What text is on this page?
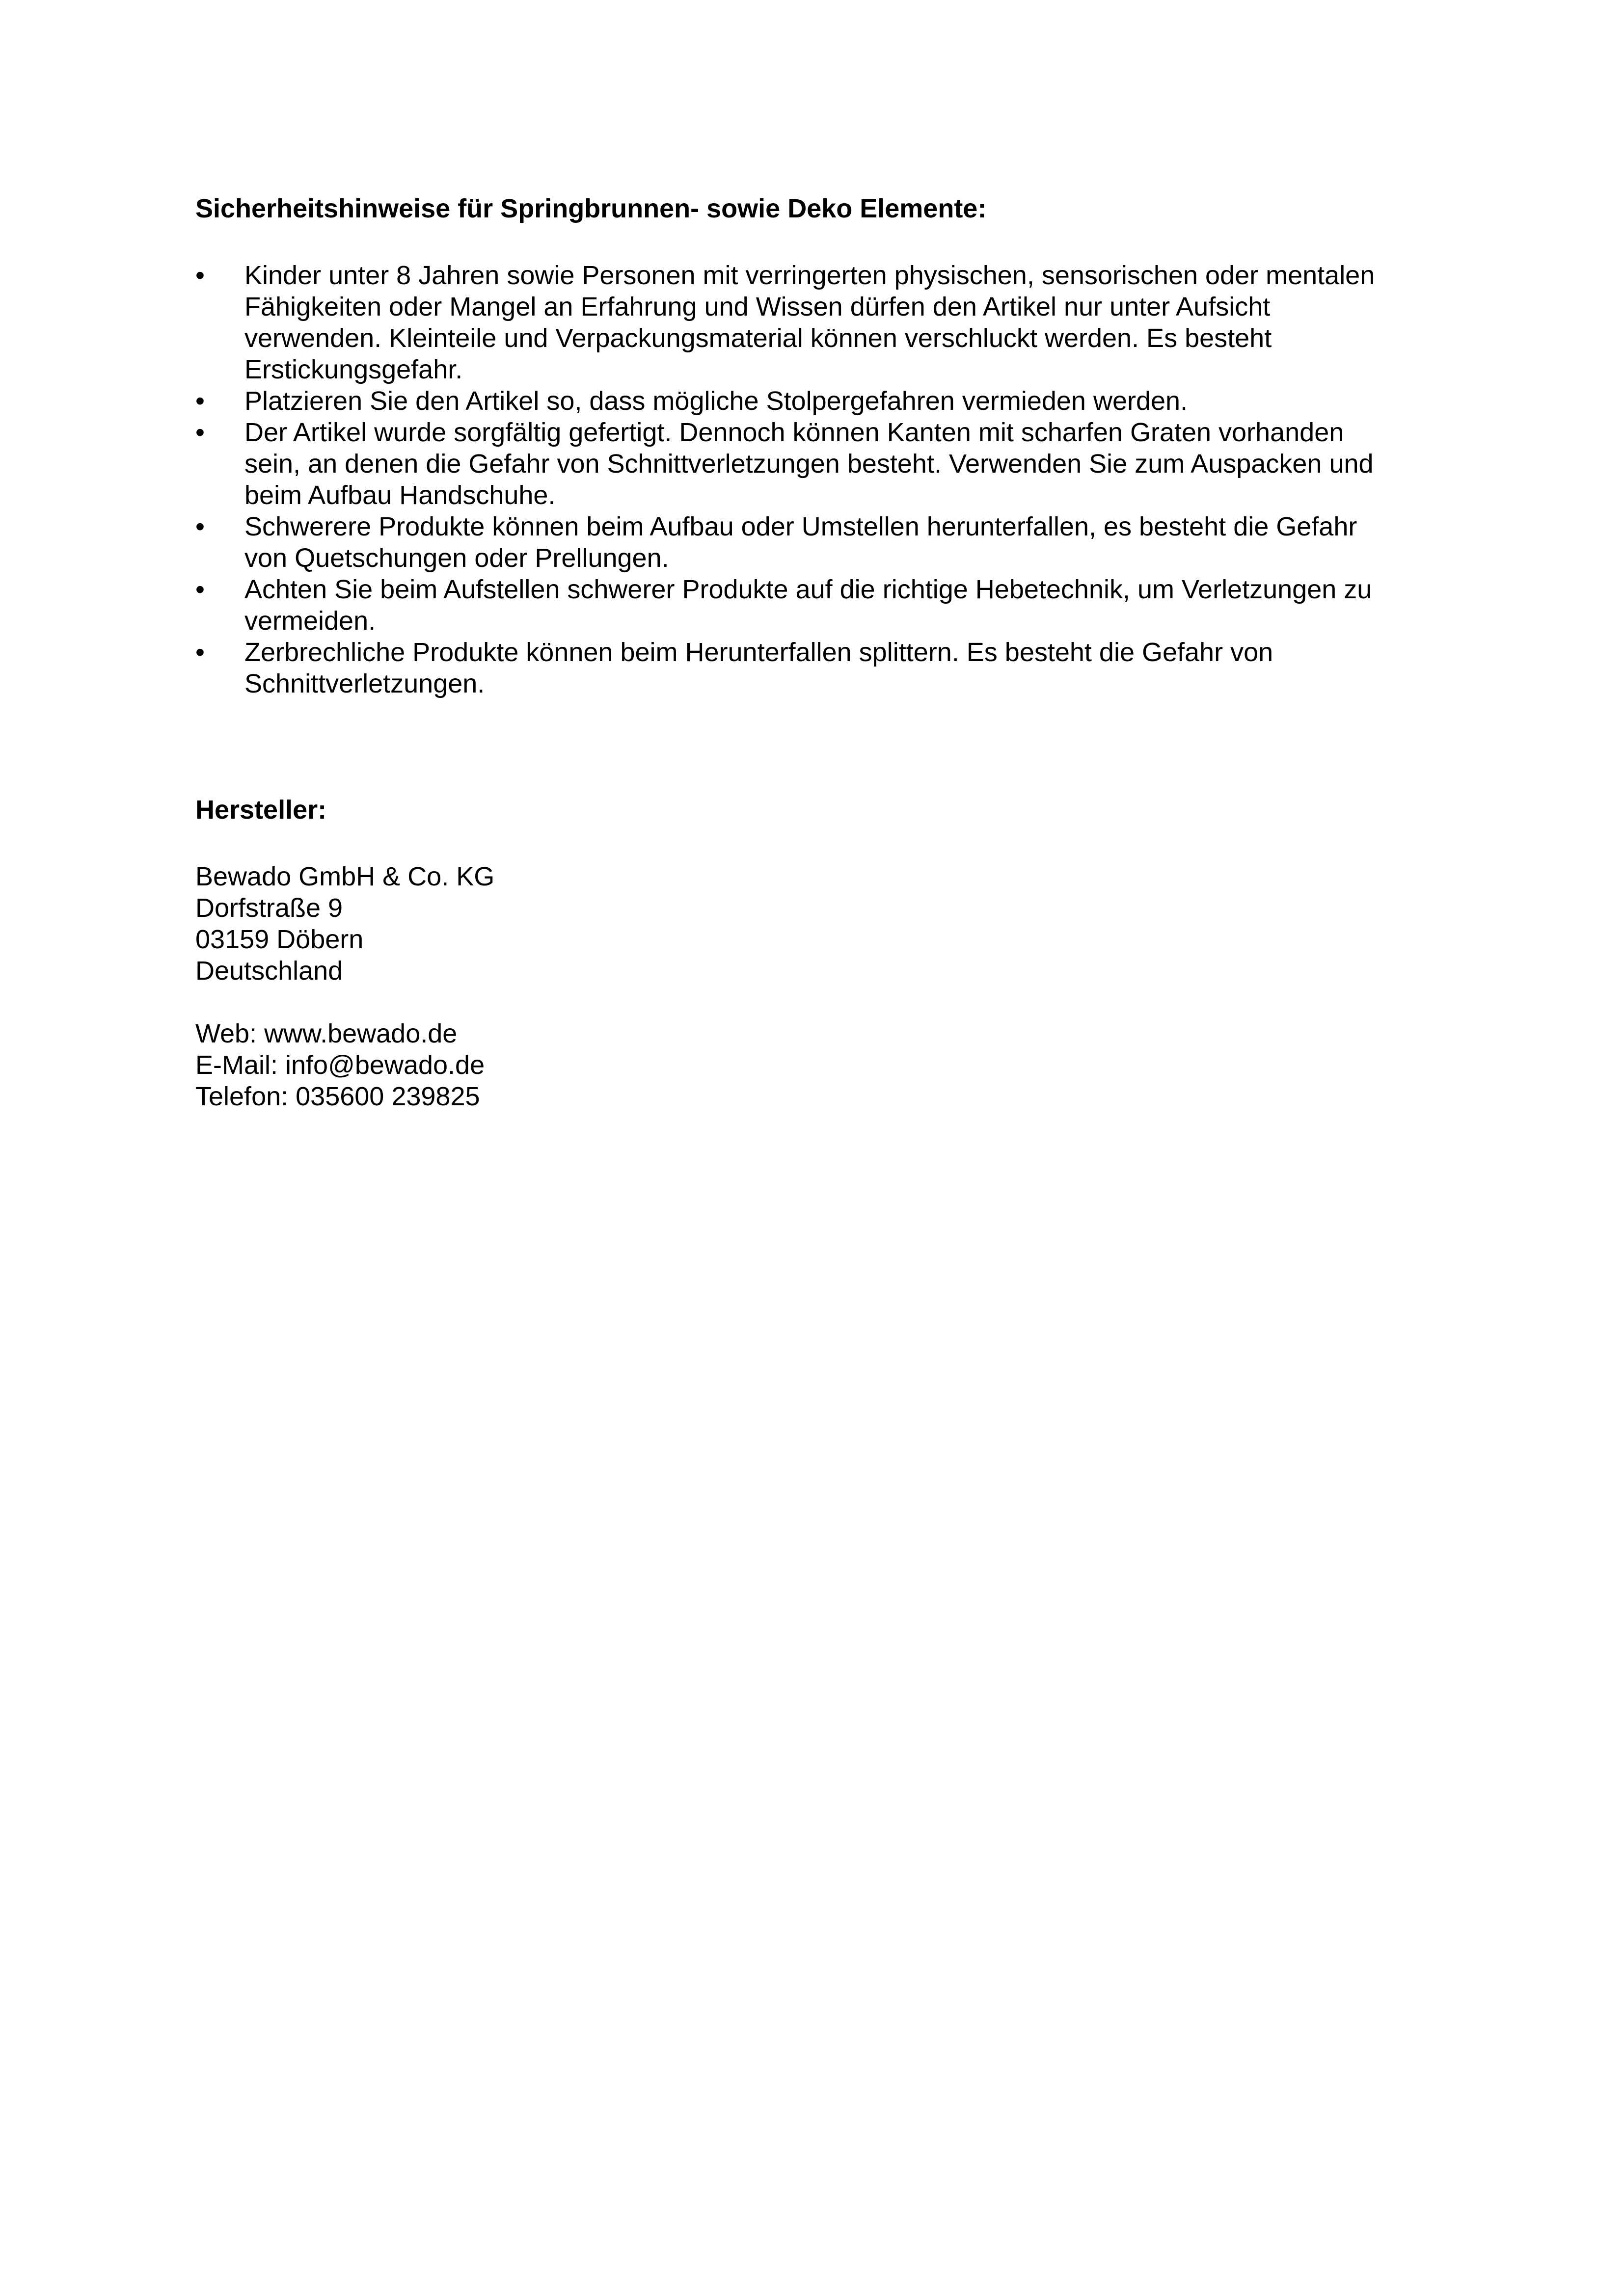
Sicherheitshinweise für Springbrunnen- sowie Deko Elemente:
•	Kinder unter 8 Jahren sowie Personen mit verringerten physischen, sensorischen oder mentalen
Fähigkeiten oder Mangel an Erfahrung und Wissen dürfen den Artikel nur unter Aufsicht
verwenden. Kleinteile und Verpackungsmaterial können verschluckt werden. Es besteht
Erstickungsgefahr.
•	Platzieren Sie den Artikel so, dass mögliche Stolpergefahren vermieden werden.
•	Der Artikel wurde sorgfältig gefertigt. Dennoch können Kanten mit scharfen Graten vorhanden
sein, an denen die Gefahr von Schnittverletzungen besteht. Verwenden Sie zum Auspacken und
beim Aufbau Handschuhe.
•	Schwerere Produkte können beim Aufbau oder Umstellen herunterfallen, es besteht die Gefahr
von Quetschungen oder Prellungen.
•	Achten Sie beim Aufstellen schwerer Produkte auf die richtige Hebetechnik, um Verletzungen zu
vermeiden.
•	Zerbrechliche Produkte können beim Herunterfallen splittern. Es besteht die Gefahr von
Schnittverletzungen.
Hersteller:
Bewado GmbH & Co. KG
Dorfstraße 9
03159 Döbern
Deutschland
Web: www.bewado.de
E-Mail: info@bewado.de
Telefon: 035600 239825
